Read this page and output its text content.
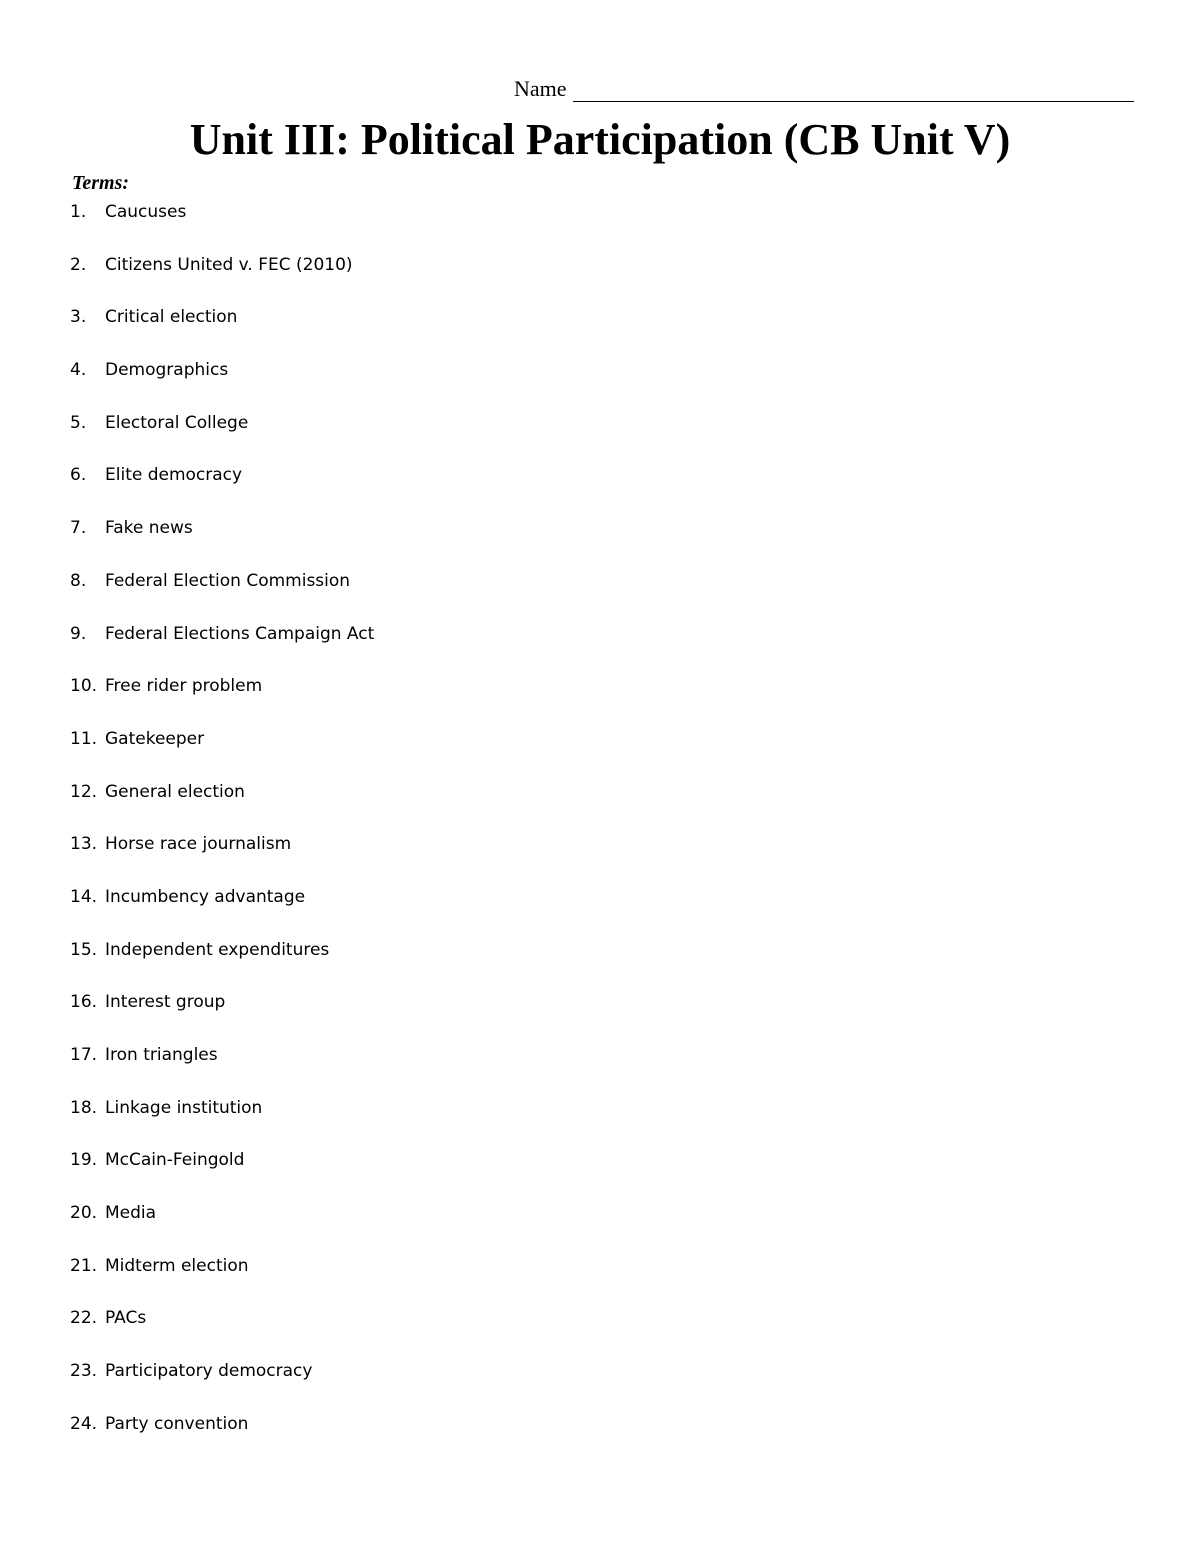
Name
Unit III: Political Participation (CB Unit V)
Terms:
1.	Caucuses
2.	Citizens United v. FEC (2010)
3.	Critical election
4.	Demographics
5.	Electoral College
6.	Elite democracy
7.	Fake news
8.	Federal Election Commission
9.	Federal Elections Campaign Act
10. Free rider problem
11. Gatekeeper
12. General election
13. Horse race journalism
14. Incumbency advantage
15. Independent expenditures
16. Interest group
17. Iron triangles
18. Linkage institution
19. McCain-Feingold
20. Media
21. Midterm election
22. PACs
23. Participatory democracy
24. Party convention
